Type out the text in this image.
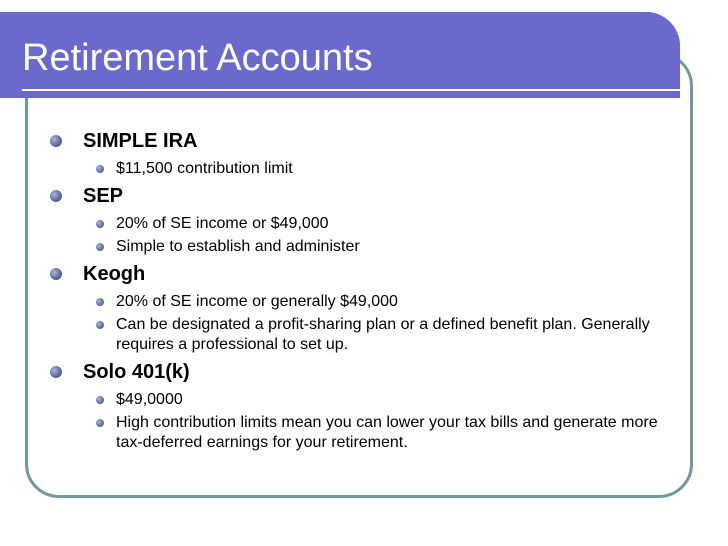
Retirement Accounts
SIMPLE IRA
$11,500 contribution limit
SEP
20% of SE income or $49,000
Simple to establish and administer
Keogh
20% of SE income or generally $49,000
Can be designated a profit-sharing plan or a defined benefit plan. Generally requires a professional to set up.
Solo 401(k)
$49,0000
High contribution limits mean you can lower your tax bills and generate more tax-deferred earnings for your retirement.
